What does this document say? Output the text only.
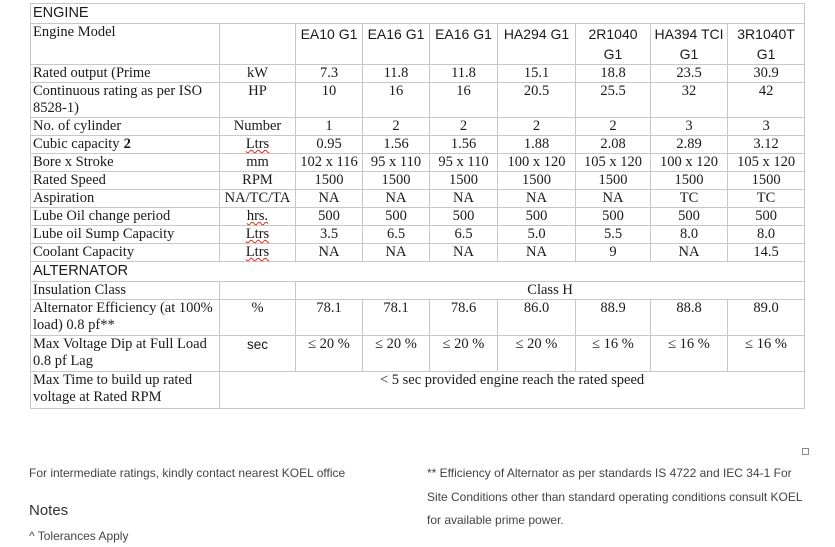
ENGINE								
Engine Model		EA10 G1	EA16 G1	EA16 G1	HA294 G1	2R1040 G1	HA394 TCI G1	3R1040T G1
Rated output (Prime	kW	7.3	11.8	11.8	15.1	18.8	23.5	30.9
Continuous rating as per ISO 8528-1)	HP	10	16	16	20.5	25.5	32	42
No. of cylinder	Number	1	2	2	2	2	3	3
Cubic capacity 2	Ltrs	0.95	1.56	1.56	1.88	2.08	2.89	3.12
Bore x Stroke	mm	102 x 116	95 x 110	95 x 110	100 x 120	105 x 120	100 x 120	105 x 120
Rated Speed	RPM	1500	1500	1500	1500	1500	1500	1500
Aspiration	NA/TC/TA	NA	NA	NA	NA	NA	TC	TC
Lube Oil change period	hrs.	500	500	500	500	500	500	500
Lube oil Sump Capacity	Ltrs	3.5	6.5	6.5	5.0	5.5	8.0	8.0
Coolant Capacity	Ltrs	NA	NA	NA	NA	9	NA	14.5
ALTERNATOR								
Insulation Class		Class H						
Alternator Efficiency (at 100% load) 0.8 pf**	%	78.1	78.1	78.6	86.0	88.9	88.8	89.0
Max Voltage Dip at Full Load 0.8 pf Lag	sec	≤ 20 %	≤ 20 %	≤ 20 %	≤ 20 %	≤ 16 %	≤ 16 %	≤ 16 %
Max Time to build up rated voltage at Rated RPM	< 5 sec provided engine reach the rated speed							
For intermediate ratings, kindly contact nearest KOEL office	** Efficiency of Alternator as per standards IS 4722 and IEC 34-1 For
Site Conditions other than standard operating conditions consult KOEL
for available prime power.
Notes
^ Tolerances Apply
